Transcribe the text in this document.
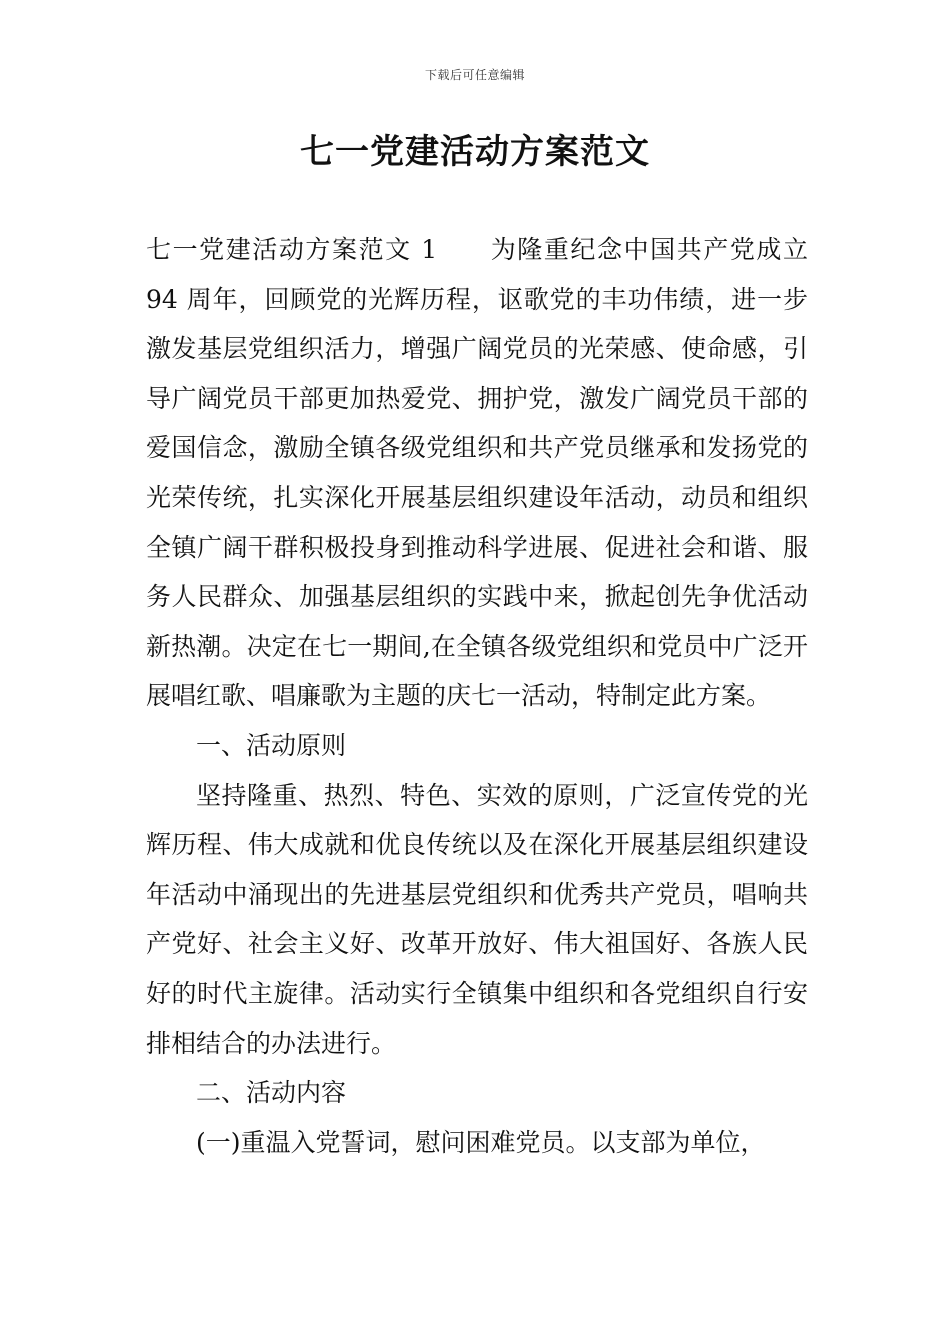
下载后可任意编辑
七一党建活动方案范文

七一党建活动方案范文 1 为隆重纪念中国共产党成立 94 周年，回顾党的光辉历程，讴歌党的丰功伟绩，进一步激发基层党组织活力，增强广阔党员的光荣感、使命感，引导广阔党员干部更加热爱党、拥护党，激发广阔党员干部的爱国信念，激励全镇各级党组织和共产党员继承和发扬党的光荣传统，扎实深化开展基层组织建设年活动，动员和组织全镇广阔干群积极投身到推动科学进展、促进社会和谐、服务人民群众、加强基层组织的实践中来，掀起创先争优活动新热潮。决定在七一期间,在全镇各级党组织和党员中广泛开展唱红歌、唱廉歌为主题的庆七一活动，特制定此方案。

一、活动原则

坚持隆重、热烈、特色、实效的原则，广泛宣传党的光辉历程、伟大成就和优良传统以及在深化开展基层组织建设年活动中涌现出的先进基层党组织和优秀共产党员，唱响共产党好、社会主义好、改革开放好、伟大祖国好、各族人民好的时代主旋律。活动实行全镇集中组织和各党组织自行安排相结合的办法进行。

二、活动内容

(一)重温入党誓词，慰问困难党员。以支部为单位，
